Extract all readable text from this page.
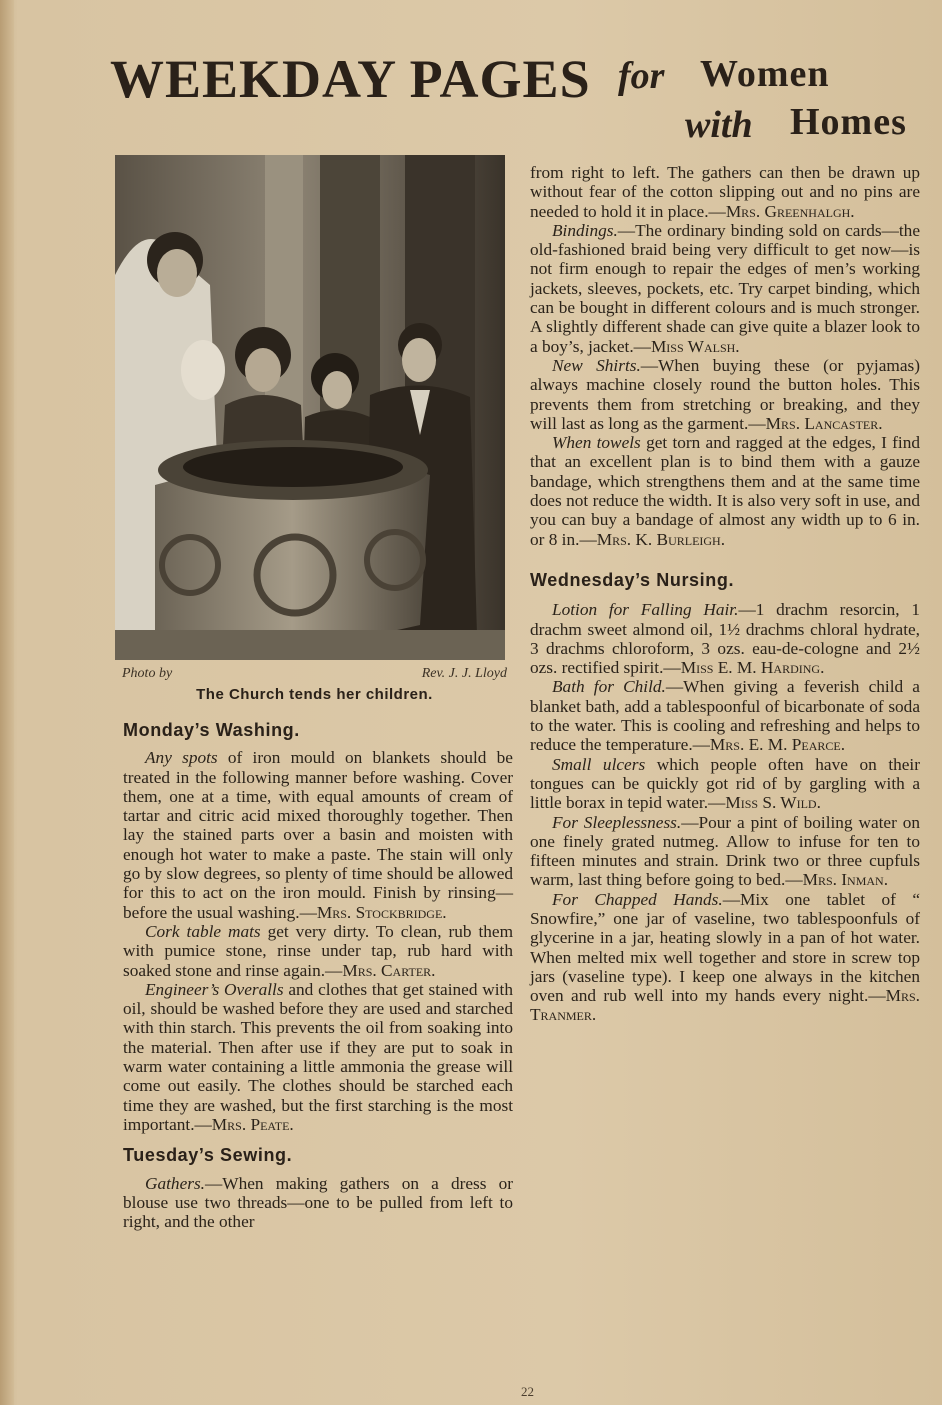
WEEKDAY PAGES for Women
with Homes
Photo by	Rev. J. J. Lloyd
The Church tends her children.

Monday’s Washing.

Any spots of iron mould on blankets should be treated in the following manner before washing. Cover them, one at a time, with equal amounts of cream of tartar and citric acid mixed thoroughly together. Then lay the stained parts over a basin and moisten with enough hot water to make a paste. The stain will only go by slow degrees, so plenty of time should be allowed for this to act on the iron mould. Finish by rinsing—before the usual washing.—Mrs. Stockbridge.

Cork table mats get very dirty. To clean, rub them with pumice stone, rinse under tap, rub hard with soaked stone and rinse again.—Mrs. Carter.

Engineer’s Overalls and clothes that get stained with oil, should be washed before they are used and starched with thin starch. This prevents the oil from soaking into the material. Then after use if they are put to soak in warm water containing a little ammonia the grease will come out easily. The clothes should be starched each time they are washed, but the first starching is the most important.—Mrs. Peate.

Tuesday’s Sewing.

Gathers.—When making gathers on a dress or blouse use two threads—one to be pulled from left to right, and the other

from right to left. The gathers can then be drawn up without fear of the cotton slipping out and no pins are needed to hold it in place.—Mrs. Greenhalgh.

Bindings.—The ordinary binding sold on cards—the old-fashioned braid being very difficult to get now—is not firm enough to repair the edges of men’s working jackets, sleeves, pockets, etc. Try carpet binding, which can be bought in different colours and is much stronger. A slightly different shade can give quite a blazer look to a boy’s, jacket.—Miss Walsh.

New Shirts.—When buying these (or pyjamas) always machine closely round the button holes. This prevents them from stretching or breaking, and they will last as long as the garment.—Mrs. Lancaster.

When towels get torn and ragged at the edges, I find that an excellent plan is to bind them with a gauze bandage, which strengthens them and at the same time does not reduce the width. It is also very soft in use, and you can buy a bandage of almost any width up to 6 in. or 8 in.—Mrs. K. Burleigh.

Wednesday’s Nursing.

Lotion for Falling Hair.—1 drachm resorcin, 1 drachm sweet almond oil, 1½ drachms chloral hydrate, 3 drachms chloroform, 3 ozs. eau-de-cologne and 2½ ozs. rectified spirit.—Miss E. M. Harding.

Bath for Child.—When giving a feverish child a blanket bath, add a tablespoonful of bicarbonate of soda to the water. This is cooling and refreshing and helps to reduce the temperature.—Mrs. E. M. Pearce.

Small ulcers which people often have on their tongues can be quickly got rid of by gargling with a little borax in tepid water.—Miss S. Wild.

For Sleeplessness.—Pour a pint of boiling water on one finely grated nutmeg. Allow to infuse for ten to fifteen minutes and strain. Drink two or three cupfuls warm, last thing before going to bed.—Mrs. Inman.

For Chapped Hands.—Mix one tablet of “ Snowfire,” one jar of vaseline, two tablespoonfuls of glycerine in a jar, heating slowly in a pan of hot water. When melted mix well together and store in screw top jars (vaseline type). I keep one always in the kitchen oven and rub well into my hands every night.—Mrs. Tranmer.

22
